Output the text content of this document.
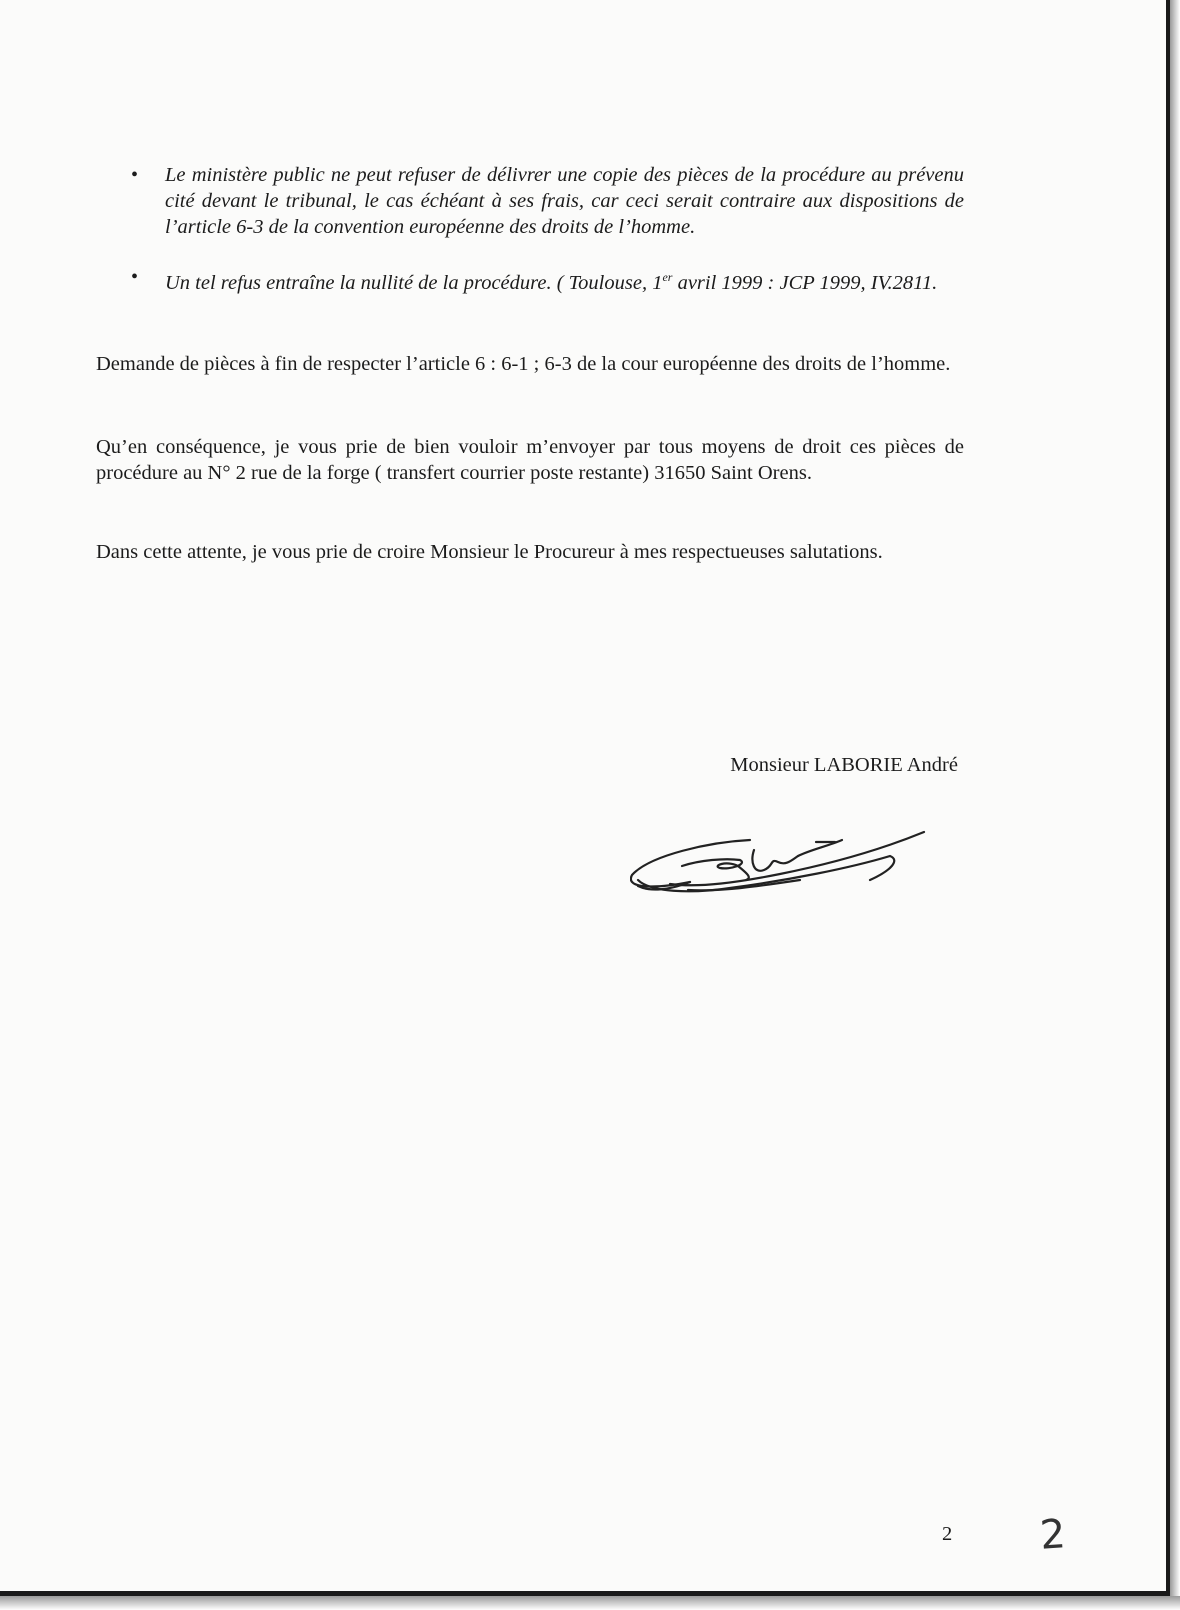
• Le ministère public ne peut refuser de délivrer une copie des pièces de la procédure au prévenu cité devant le tribunal, le cas échéant à ses frais, car ceci serait contraire aux dispositions de l’article 6-3 de la convention européenne des droits de l’homme.
• Un tel refus entraîne la nullité de la procédure. ( Toulouse, 1er avril 1999 : JCP 1999, IV.2811.

Demande de pièces à fin de respecter l’article 6 : 6-1 ; 6-3 de la cour européenne des droits de l’homme.

Qu’en conséquence, je vous prie de bien vouloir m’envoyer par tous moyens de droit ces pièces de procédure au N° 2 rue de la forge ( transfert courrier poste restante) 31650 Saint Orens.

Dans cette attente, je vous prie de croire Monsieur le Procureur à mes respectueuses salutations.

Monsieur LABORIE André
2 2
